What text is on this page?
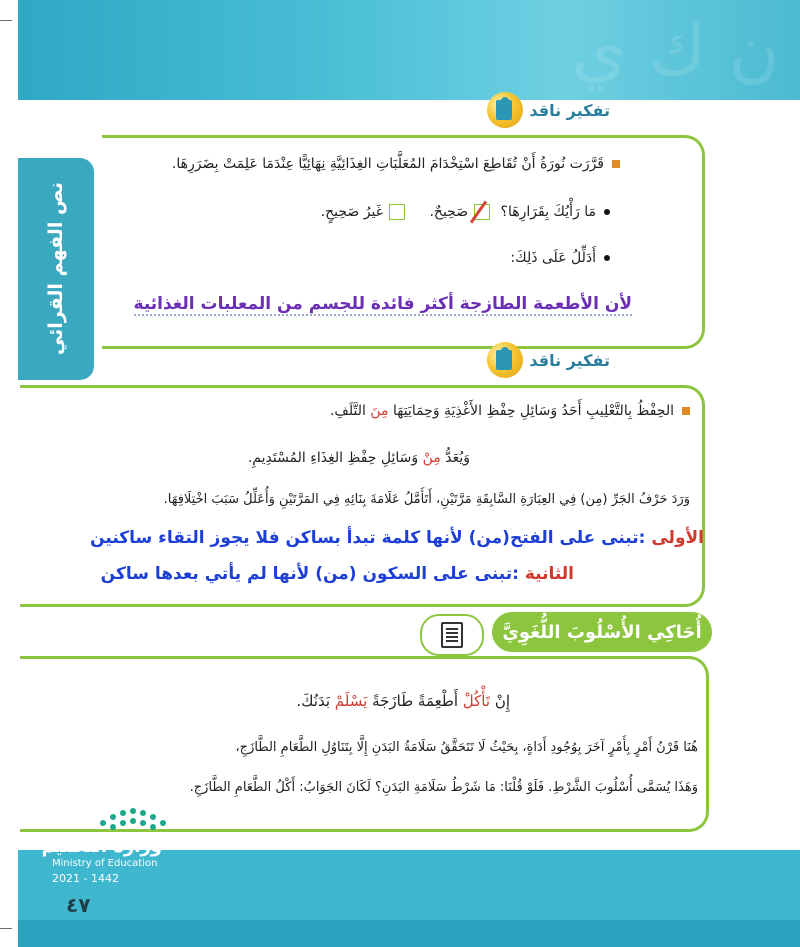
ن ك ي
نص الفهم القرائي
تفكير ناقد
قَرَّرَت نُورَةُ أَنْ تُقَاطِعَ اسْتِخْدَامَ المُعَلَّبَاتِ الغِذَائِيَّةِ نِهَائِيًّا عِنْدَمَا عَلِمَتْ بِضَرَرِهَا.
مَا رَأْيُكَ بِقَرَارِهَا؟ صَحِيحٌ. غَيرُ صَحِيحٍ.
أَدَلِّلُ عَلَى ذَلِكَ:
لأن الأطعمة الطازجة أكثر فائدة للجسم من المعلبات الغذائية
تفكير ناقد
الحِفْظُ بِالتَّعْلِيبِ أَحَدُ وَسَائِلِ حِفْظِ الأَغْذِيَةِ وَحِمَايَتِهَا مِنَ التَّلَفِ.
وَيُعَدُّ مِنْ وَسَائِلِ حِفْظِ الغِذَاءِ المُسْتَدِيمِ.
وَرَدَ حَرْفُ الجَرِّ (مِن) فِي العِبَارَةِ السَّابِقَةِ مَرَّتَيْنِ، أَتَأَمَّلُ عَلَامَةَ بِنَائِهِ فِي المَرَّتَيْنِ وَأُعَلِّلُ سَبَبَ اخْتِلَافِهَا.
الأولى :تبنى على الفتح(من) لأنها كلمة تبدأ بساكن فلا يجوز التقاء ساكنين
الثانية :تبنى على السكون (من) لأنها لم يأتي بعدها ساكن
أُحَاكِي الأُسْلُوبَ اللُّغَوِيَّ
إِنْ تَأْكُلْ أَطْعِمَةً طَازَجَةً يَسْلَمْ بَدَنُكَ.
هُنَا قَرْنُ أَمْرٍ بِأَمْرٍ آخَرَ بِوُجُودِ أَدَاةٍ، بِحَيْثُ لَا تَتَحَقَّقُ سَلَامَةُ البَدَنِ إِلَّا بِتَنَاوُلِ الطَّعَامِ الطَّازَجِ،
وَهَذَا يُسَمَّى أُسْلُوبَ الشَّرْطِ. فَلَوْ قُلْنَا: مَا شَرْطُ سَلَامَةِ البَدَنِ؟ لَكَانَ الجَوَابُ: أَكْلُ الطَّعَامِ الطَّازَجِ.
وزارة التعـليم
Ministry of Education
2021 - 1442
٤٧
